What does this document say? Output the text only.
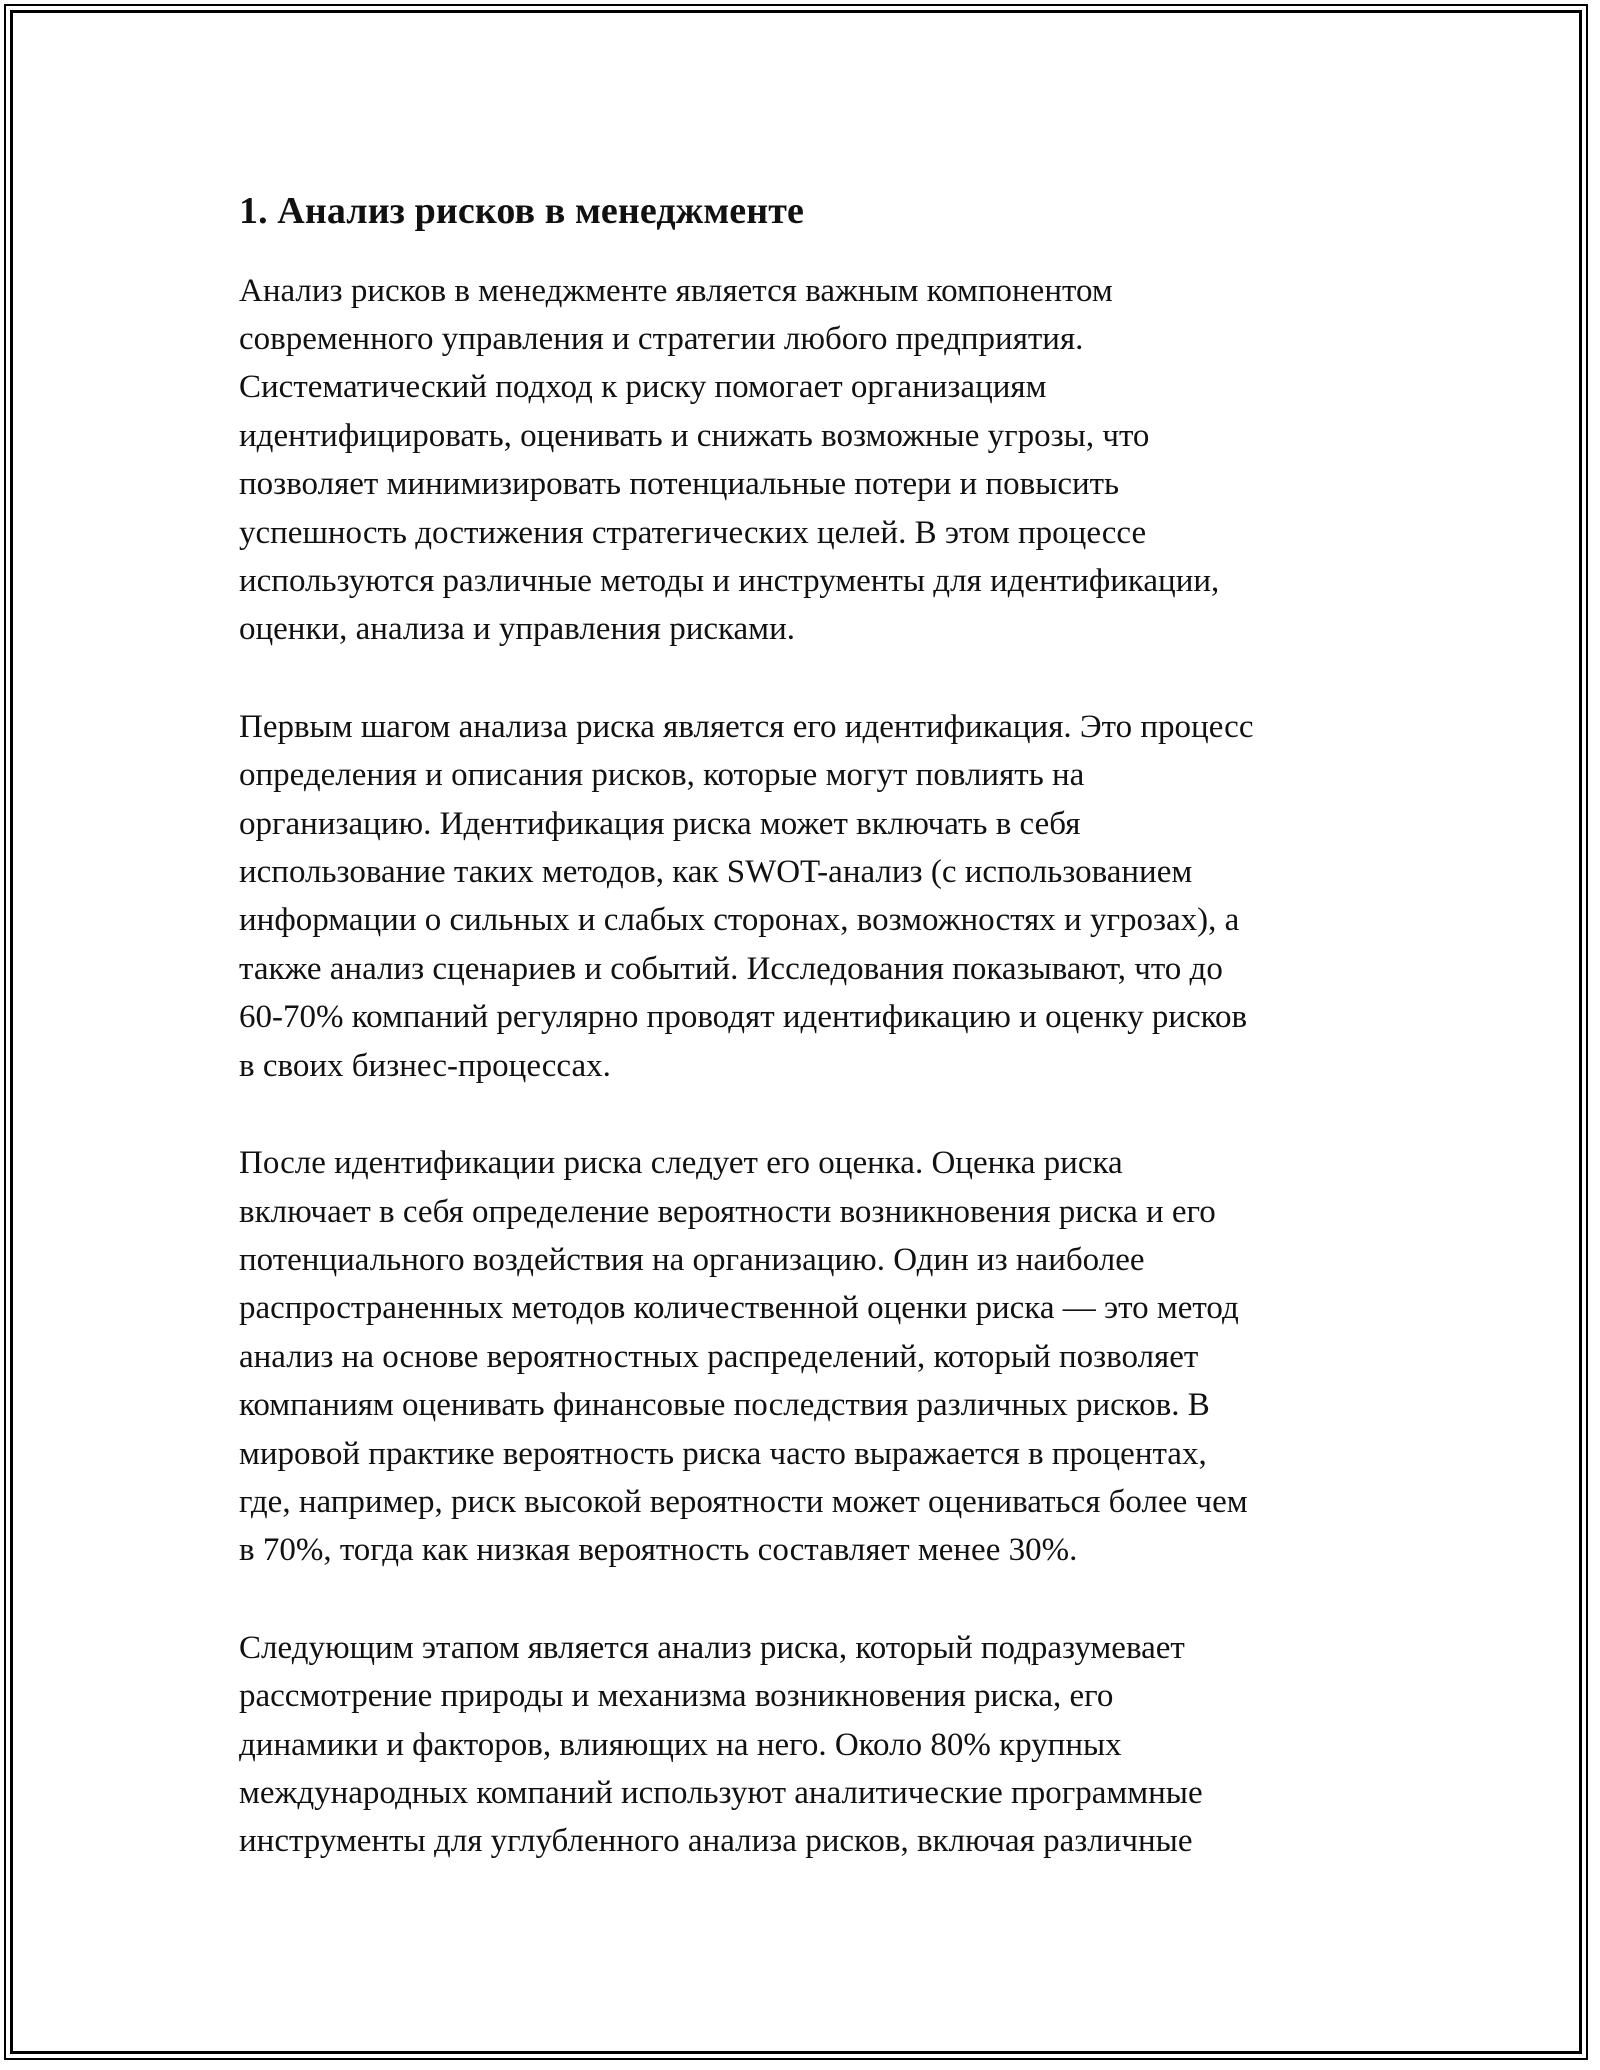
1. Анализ рисков в менеджменте

Анализ рисков в менеджменте является важным компонентом
современного управления и стратегии любого предприятия.
Систематический подход к риску помогает организациям
идентифицировать, оценивать и снижать возможные угрозы, что
позволяет минимизировать потенциальные потери и повысить
успешность достижения стратегических целей. В этом процессе
используются различные методы и инструменты для идентификации,
оценки, анализа и управления рисками.

Первым шагом анализа риска является его идентификация. Это процесс
определения и описания рисков, которые могут повлиять на
организацию. Идентификация риска может включать в себя
использование таких методов, как SWOT-анализ (с использованием
информации о сильных и слабых сторонах, возможностях и угрозах), а
также анализ сценариев и событий. Исследования показывают, что до
60-70% компаний регулярно проводят идентификацию и оценку рисков
в своих бизнес-процессах.

После идентификации риска следует его оценка. Оценка риска
включает в себя определение вероятности возникновения риска и его
потенциального воздействия на организацию. Один из наиболее
распространенных методов количественной оценки риска — это метод
анализ на основе вероятностных распределений, который позволяет
компаниям оценивать финансовые последствия различных рисков. В
мировой практике вероятность риска часто выражается в процентах,
где, например, риск высокой вероятности может оцениваться более чем
в 70%, тогда как низкая вероятность составляет менее 30%.

Следующим этапом является анализ риска, который подразумевает
рассмотрение природы и механизма возникновения риска, его
динамики и факторов, влияющих на него. Около 80% крупных
международных компаний используют аналитические программные
инструменты для углубленного анализа рисков, включая различные
